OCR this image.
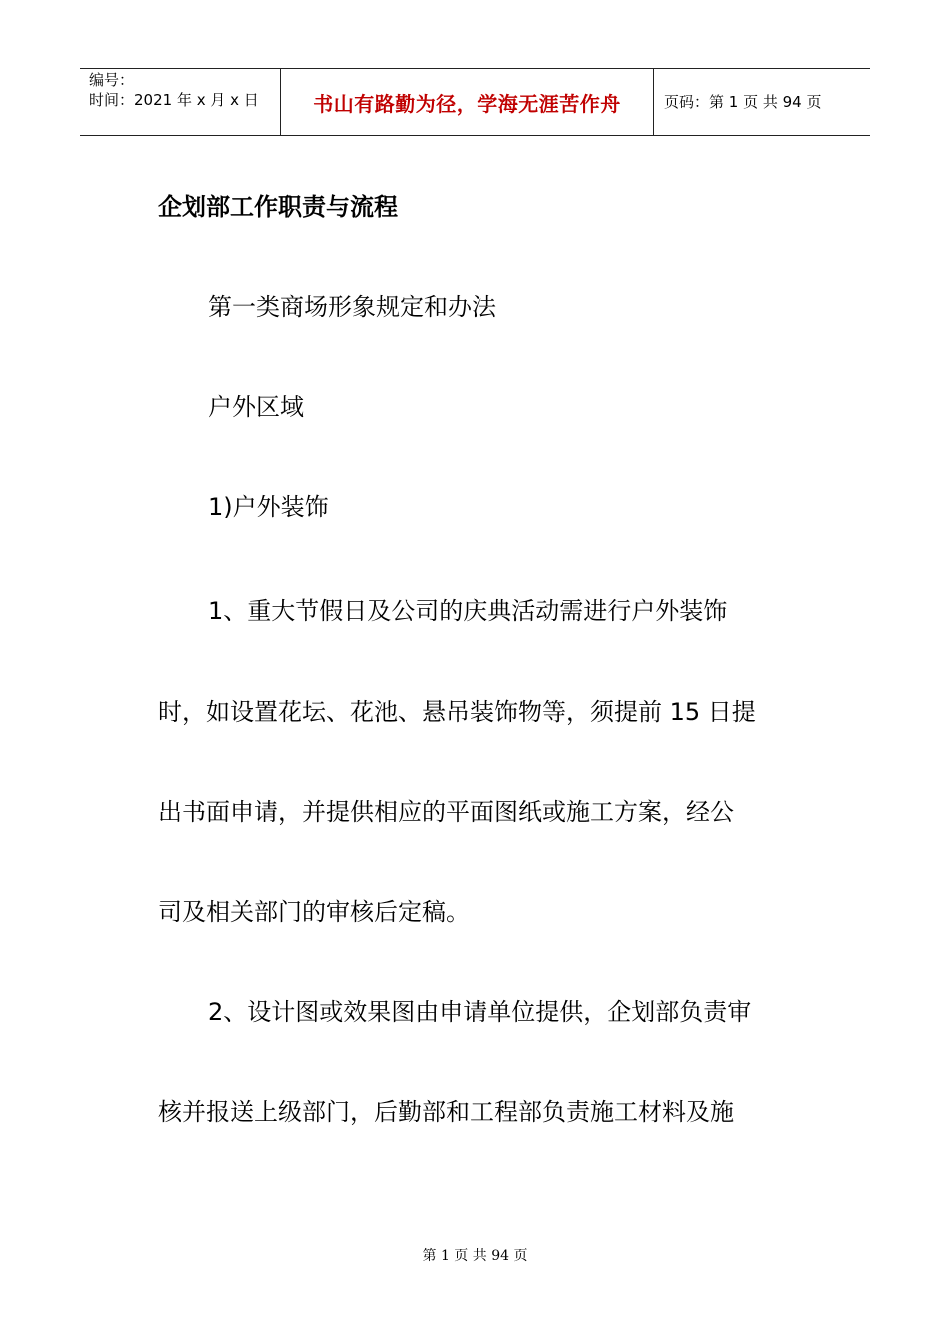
编号：
时间：2021 年 x 月 x 日	书山有路勤为径，学海无涯苦作舟	页码：第 1 页 共 94 页
企划部工作职责与流程
第一类商场形象规定和办法
户外区域
1)户外装饰
1、重大节假日及公司的庆典活动需进行户外装饰
时，如设置花坛、花池、悬吊装饰物等，须提前 15 日提
出书面申请，并提供相应的平面图纸或施工方案，经公
司及相关部门的审核后定稿。
2、设计图或效果图由申请单位提供，企划部负责审
核并报送上级部门，后勤部和工程部负责施工材料及施
第 1 页 共 94 页
